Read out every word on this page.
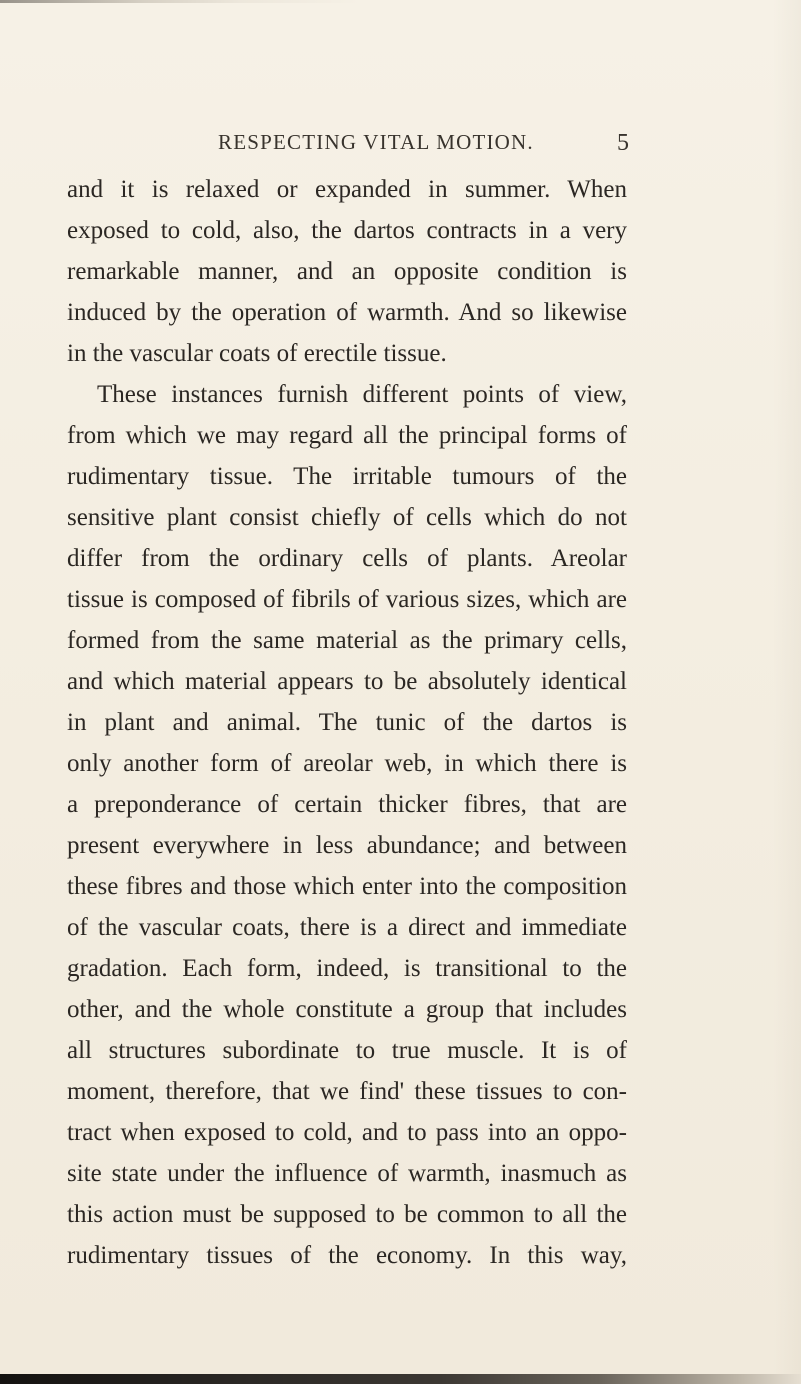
RESPECTING VITAL MOTION.	5
and it is relaxed or expanded in summer. When
exposed to cold, also, the dartos contracts in a very
remarkable manner, and an opposite condition is
induced by the operation of warmth. And so likewise
in the vascular coats of erectile tissue.
These instances furnish different points of view,
from which we may regard all the principal forms of
rudimentary tissue. The irritable tumours of the
sensitive plant consist chiefly of cells which do not
differ from the ordinary cells of plants. Areolar
tissue is composed of fibrils of various sizes, which are
formed from the same material as the primary cells,
and which material appears to be absolutely identical
in plant and animal. The tunic of the dartos is
only another form of areolar web, in which there is
a preponderance of certain thicker fibres, that are
present everywhere in less abundance; and between
these fibres and those which enter into the composition
of the vascular coats, there is a direct and immediate
gradation. Each form, indeed, is transitional to the
other, and the whole constitute a group that includes
all structures subordinate to true muscle. It is of
moment, therefore, that we find' these tissues to con-
tract when exposed to cold, and to pass into an oppo-
site state under the influence of warmth, inasmuch as
this action must be supposed to be common to all the
rudimentary tissues of the economy. In this way,
